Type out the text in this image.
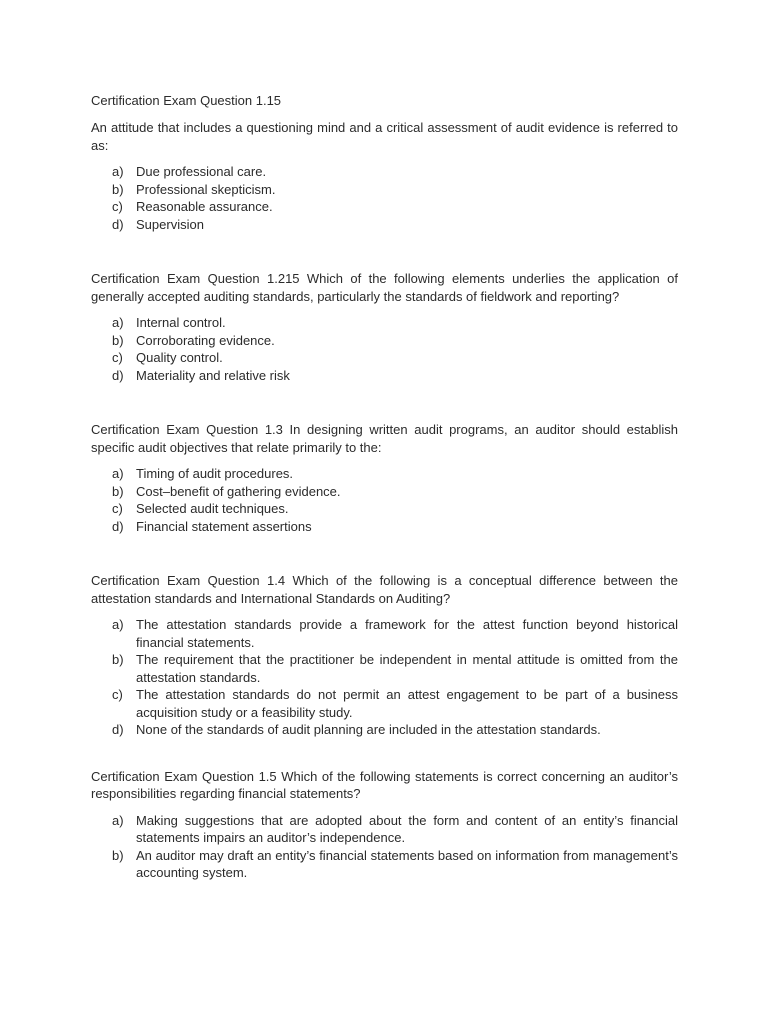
Certification Exam Question 1.15

An attitude that includes a questioning mind and a critical assessment of audit evidence is referred to as:

a) Due professional care.
b) Professional skepticism.
c) Reasonable assurance.
d) Supervision

Certification Exam Question 1.215 Which of the following elements underlies the application of generally accepted auditing standards, particularly the standards of fieldwork and reporting?

a) Internal control.
b) Corroborating evidence.
c) Quality control.
d) Materiality and relative risk

Certification Exam Question 1.3 In designing written audit programs, an auditor should establish specific audit objectives that relate primarily to the:

a) Timing of audit procedures.
b) Cost–benefit of gathering evidence.
c) Selected audit techniques.
d) Financial statement assertions

Certification Exam Question 1.4 Which of the following is a conceptual difference between the attestation standards and International Standards on Auditing?

a) The attestation standards provide a framework for the attest function beyond historical financial statements.
b) The requirement that the practitioner be independent in mental attitude is omitted from the attestation standards.
c) The attestation standards do not permit an attest engagement to be part of a business acquisition study or a feasibility study.
d) None of the standards of audit planning are included in the attestation standards.

Certification Exam Question 1.5 Which of the following statements is correct concerning an auditor’s responsibilities regarding financial statements?

a) Making suggestions that are adopted about the form and content of an entity’s financial statements impairs an auditor’s independence.
b) An auditor may draft an entity’s financial statements based on information from management’s accounting system.
